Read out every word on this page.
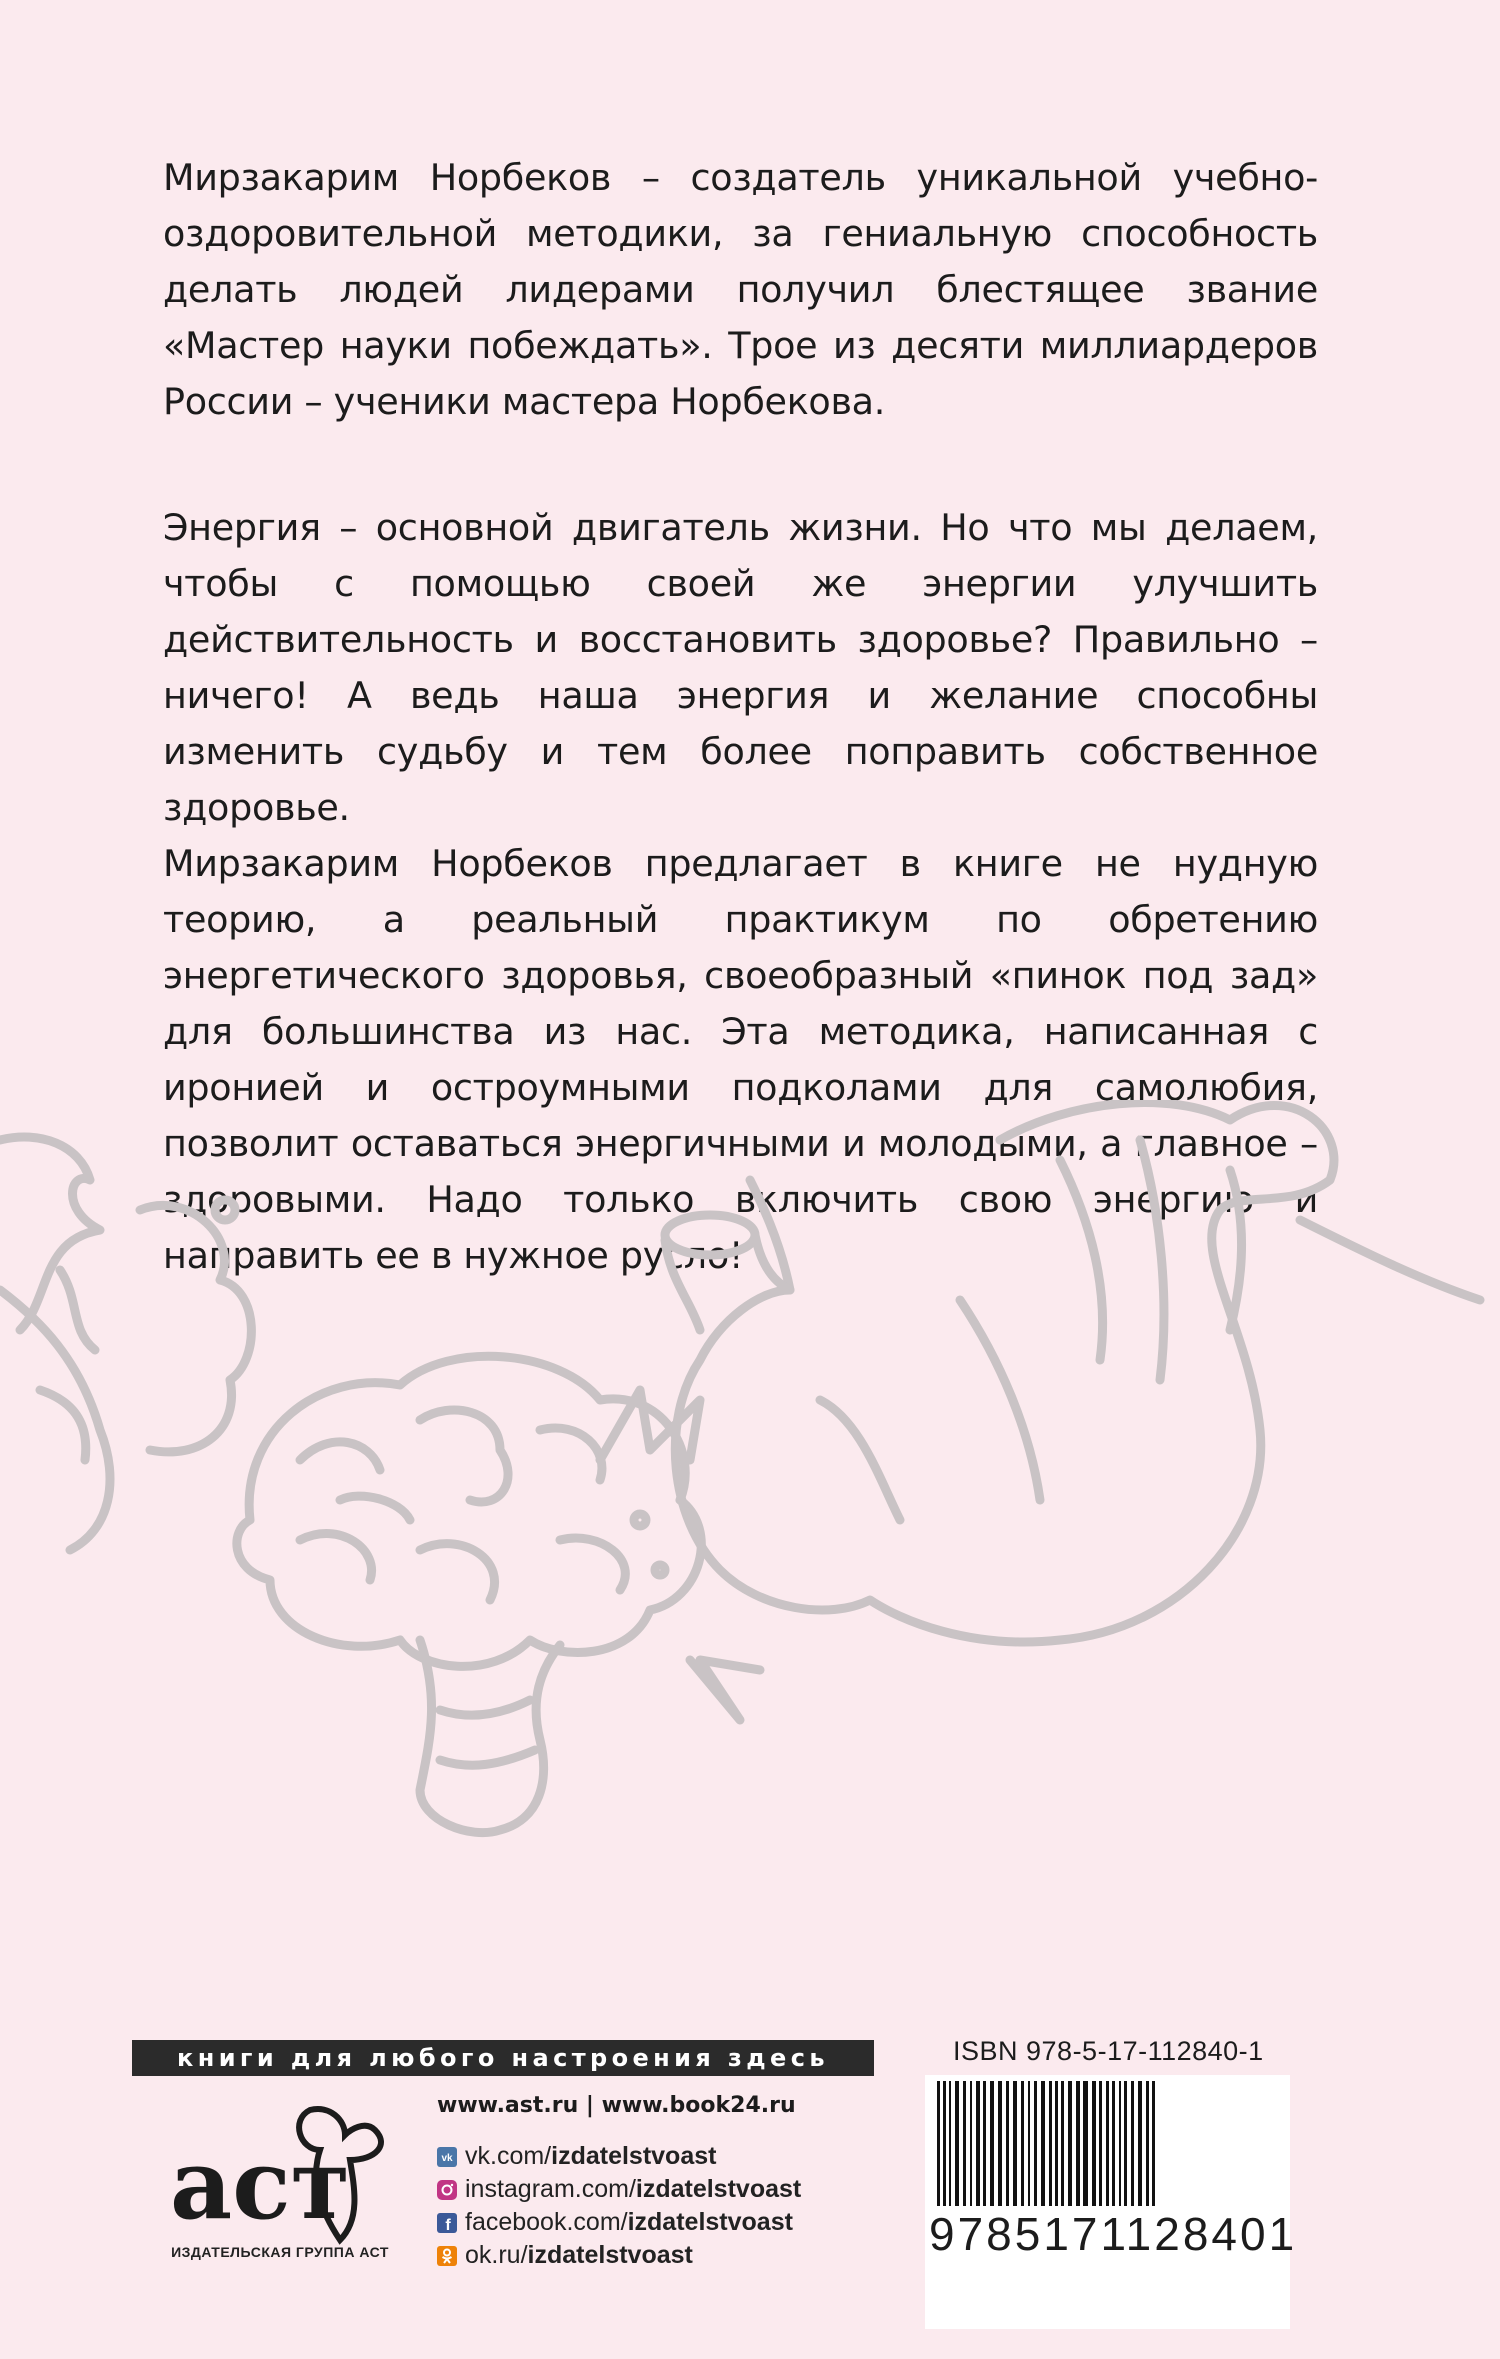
Мирзакарим Норбеков – создатель уникальной учебно-оздоровительной методики, за гениальную способность делать людей лидерами получил блестящее звание «Мастер науки побеждать». Трое из десяти миллиардеров России – ученики мастера Норбекова.

Энергия – основной двигатель жизни. Но что мы делаем, чтобы с помощью своей же энергии улучшить действительность и восстановить здоровье? Правильно – ничего! А ведь наша энергия и желание способны изменить судьбу и тем более поправить собственное здоровье.

Мирзакарим Норбеков предлагает в книге не нудную теорию, а реальный практикум по обретению энергетического здоровья, своеобразный «пинок под зад» для большинства из нас. Эта методика, написанная с иронией и остроумными подколами для самолюбия, позволит оставаться энергичными и молодыми, а главное – здоровыми. Надо только включить свою энергию и направить ее в нужное русло!

книги для любого настроения здесь
аст
ИЗДАТЕЛЬСКАЯ ГРУППА АСТ
www.ast.ru | www.book24.ru
vk vk.com/ izdatelstvoast
instagram.com/ izdatelstvoast
f facebook.com/ izdatelstvoast
ok.ru/ izdatelstvoast
ISBN 978-5-17-112840-1
9785171128401
